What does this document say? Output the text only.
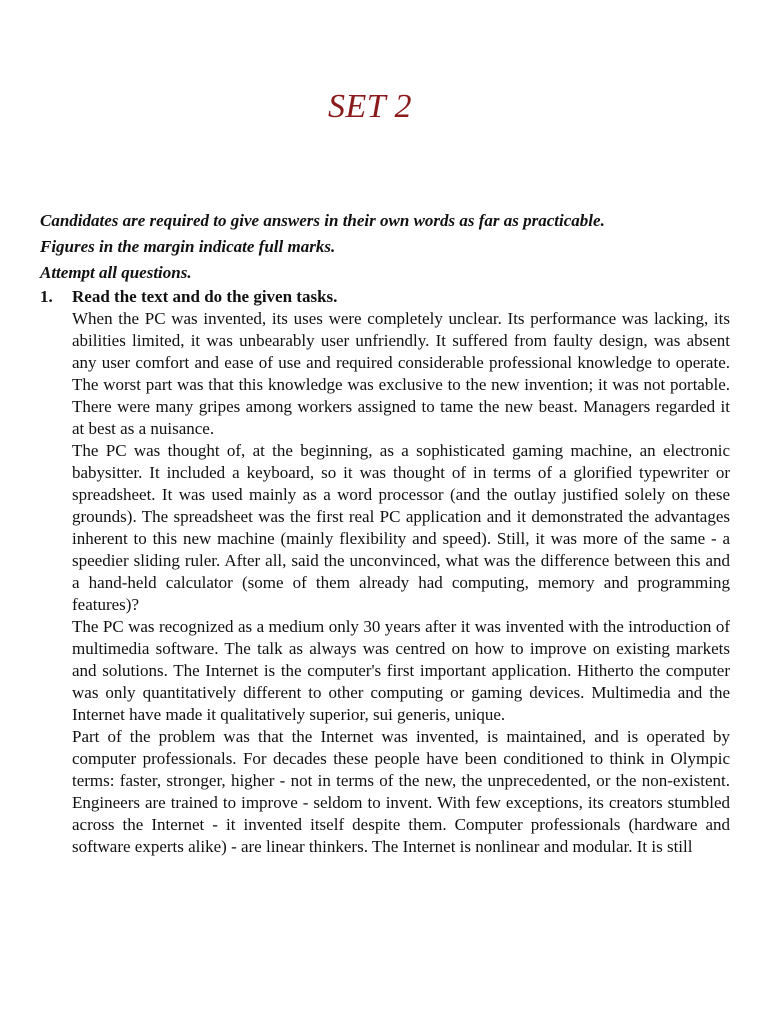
SET 2

Candidates are required to give answers in their own words as far as practicable.

Figures in the margin indicate full marks.

Attempt all questions.

1.	Read the text and do the given tasks.

When the PC was invented, its uses were completely unclear. Its performance was lacking, its abilities limited, it was unbearably user unfriendly. It suffered from faulty design, was absent any user comfort and ease of use and required considerable professional knowledge to operate. The worst part was that this knowledge was exclusive to the new invention; it was not portable. There were many gripes among workers assigned to tame the new beast. Managers regarded it at best as a nuisance.

The PC was thought of, at the beginning, as a sophisticated gaming machine, an electronic babysitter. It included a keyboard, so it was thought of in terms of a glorified typewriter or spreadsheet. It was used mainly as a word processor (and the outlay justified solely on these grounds). The spreadsheet was the first real PC application and it demonstrated the advantages inherent to this new machine (mainly flexibility and speed). Still, it was more of the same - a speedier sliding ruler. After all, said the unconvinced, what was the difference between this and a hand-held calculator (some of them already had computing, memory and programming features)?

The PC was recognized as a medium only 30 years after it was invented with the introduction of multimedia software. The talk as always was centred on how to improve on existing markets and solutions. The Internet is the computer's first important application. Hitherto the computer was only quantitatively different to other computing or gaming devices. Multimedia and the Internet have made it qualitatively superior, sui generis, unique.

Part of the problem was that the Internet was invented, is maintained, and is operated by computer professionals. For decades these people have been conditioned to think in Olympic terms: faster, stronger, higher - not in terms of the new, the unprecedented, or the non-existent. Engineers are trained to improve - seldom to invent. With few exceptions, its creators stumbled across the Internet - it invented itself despite them. Computer professionals (hardware and software experts alike) - are linear thinkers. The Internet is nonlinear and modular. It is still
